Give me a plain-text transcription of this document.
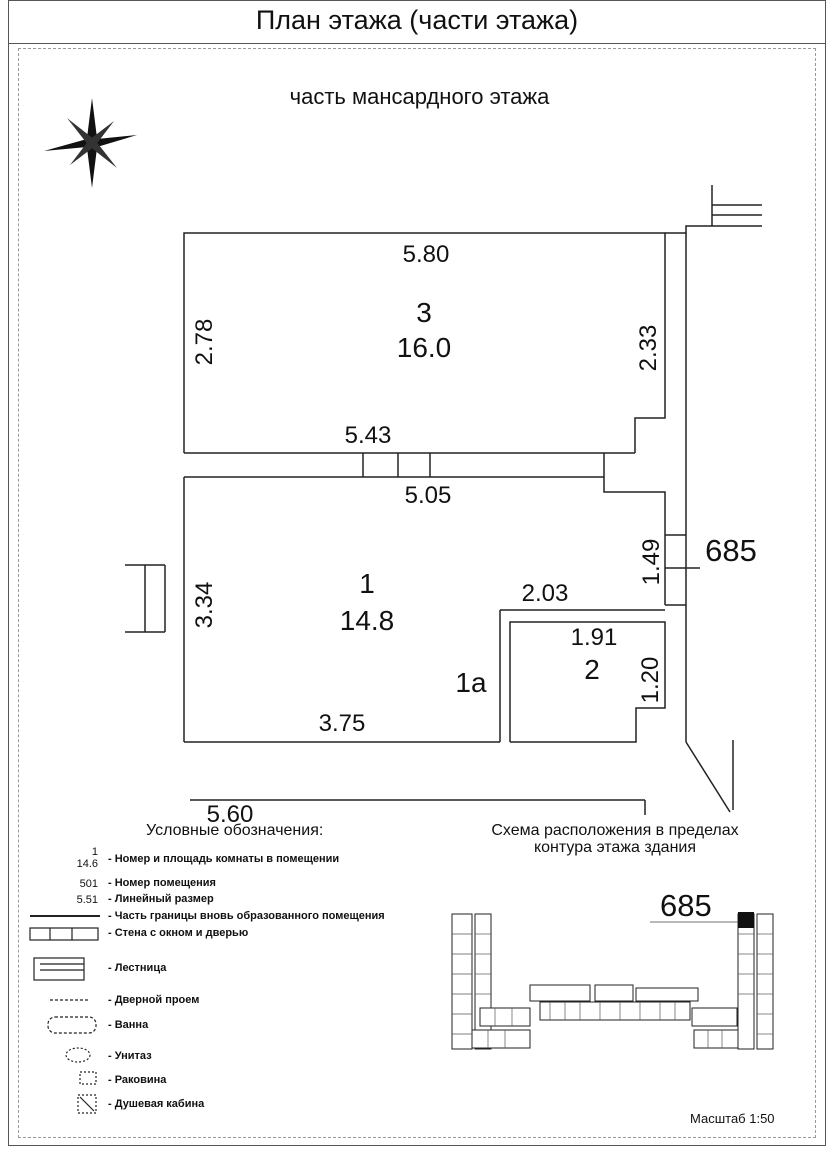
План этажа (части этажа)
часть мансардного этажа
3
16.0
1
14.8
1а	2
685
5.80
2.78	2.33
5.43
5.05
1.49
3.34	2.03
1.91
1.20
3.75
5.60
685
Условные обозначения:	Схема расположения в пределах контура этажа здания
1
14.6 - Номер и площадь комнаты в помещении
501 - Номер помещения
5.51 - Линейный размер
- Часть границы вновь образованного помещения
- Стена с окном и дверью
- Лестница
- Дверной проем
- Ванна
- Унитаз
- Раковина
- Душевая кабина
Масштаб 1:50
